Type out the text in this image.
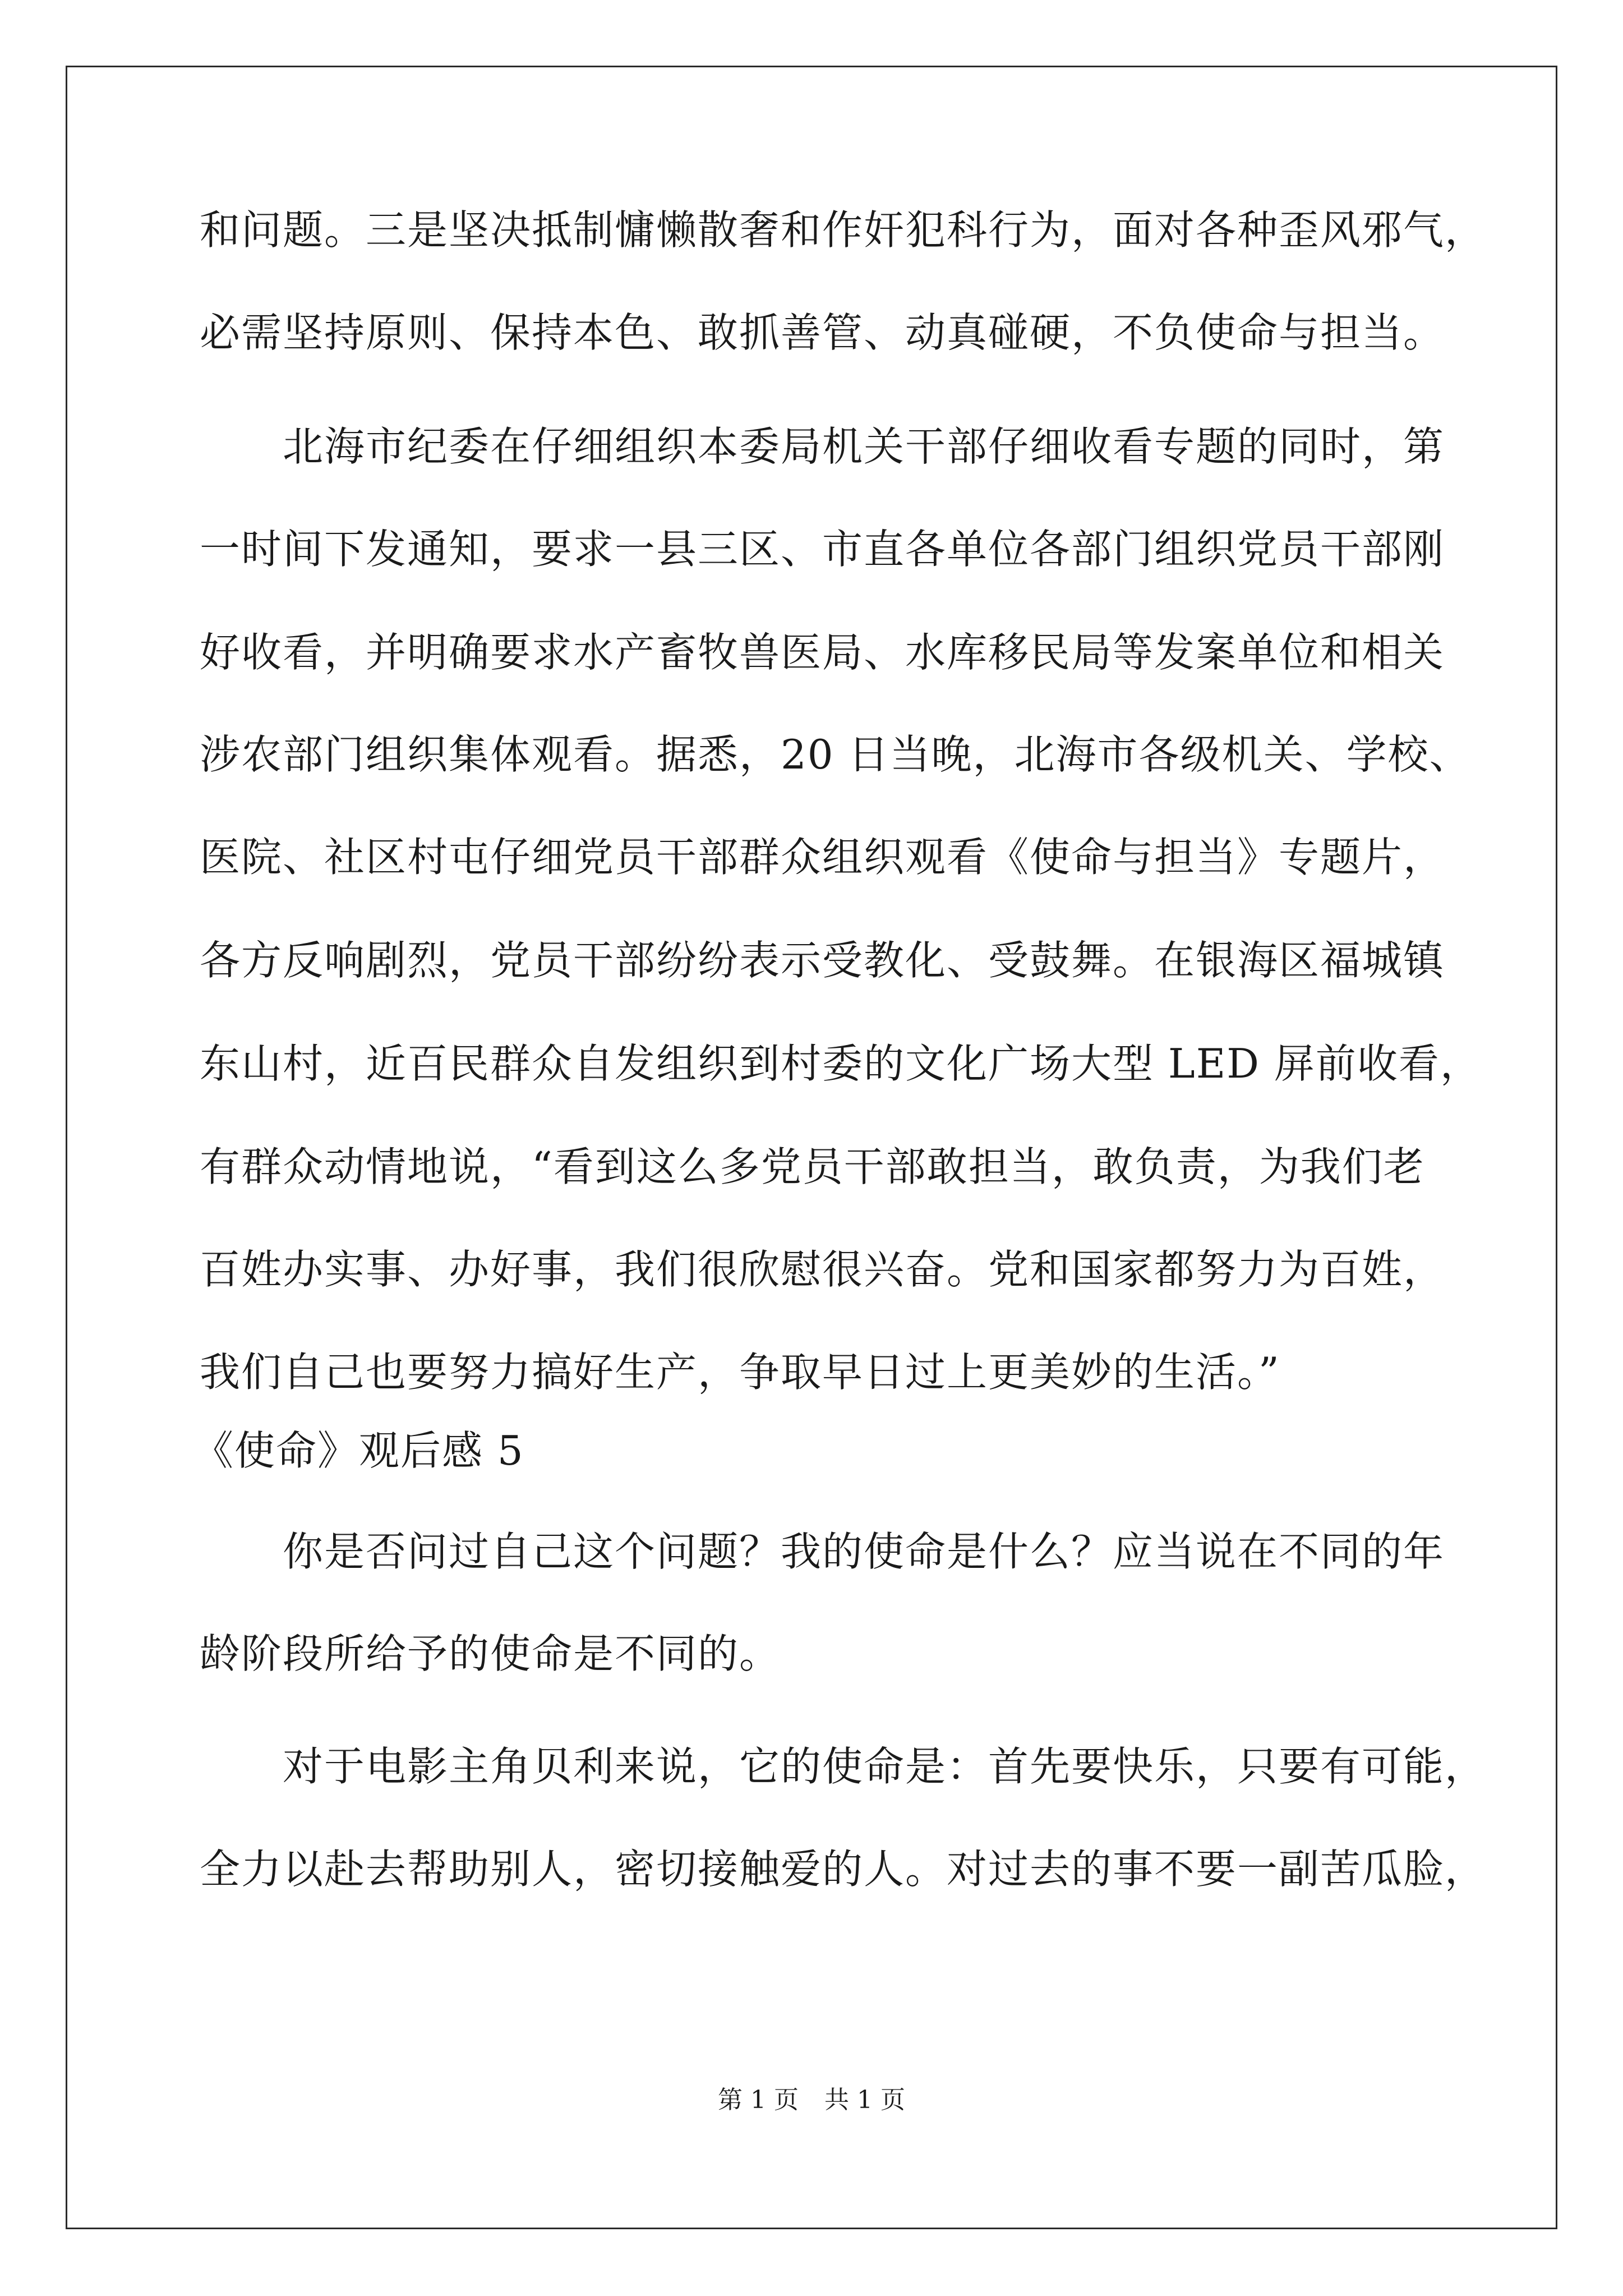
和问题。三是坚决抵制慵懒散奢和作奸犯科行为，面对各种歪风邪气，
必需坚持原则、保持本色、敢抓善管、动真碰硬，不负使命与担当。
北海市纪委在仔细组织本委局机关干部仔细收看专题的同时，第
一时间下发通知，要求一县三区、市直各单位各部门组织党员干部刚
好收看，并明确要求水产畜牧兽医局、水库移民局等发案单位和相关
涉农部门组织集体观看。据悉，20 日当晚，北海市各级机关、学校、
医院、社区村屯仔细党员干部群众组织观看《使命与担当》专题片，
各方反响剧烈，党员干部纷纷表示受教化、受鼓舞。在银海区福城镇
东山村，近百民群众自发组织到村委的文化广场大型 LED 屏前收看，
有群众动情地说，“看到这么多党员干部敢担当，敢负责，为我们老
百姓办实事、办好事，我们很欣慰很兴奋。党和国家都努力为百姓，
我们自己也要努力搞好生产，争取早日过上更美妙的生活。”
《使命》观后感 5
你是否问过自己这个问题？我的使命是什么？应当说在不同的年
龄阶段所给予的使命是不同的。
对于电影主角贝利来说，它的使命是：首先要快乐，只要有可能，
全力以赴去帮助别人，密切接触爱的人。对过去的事不要一副苦瓜脸，
第 1 页 共 1 页
